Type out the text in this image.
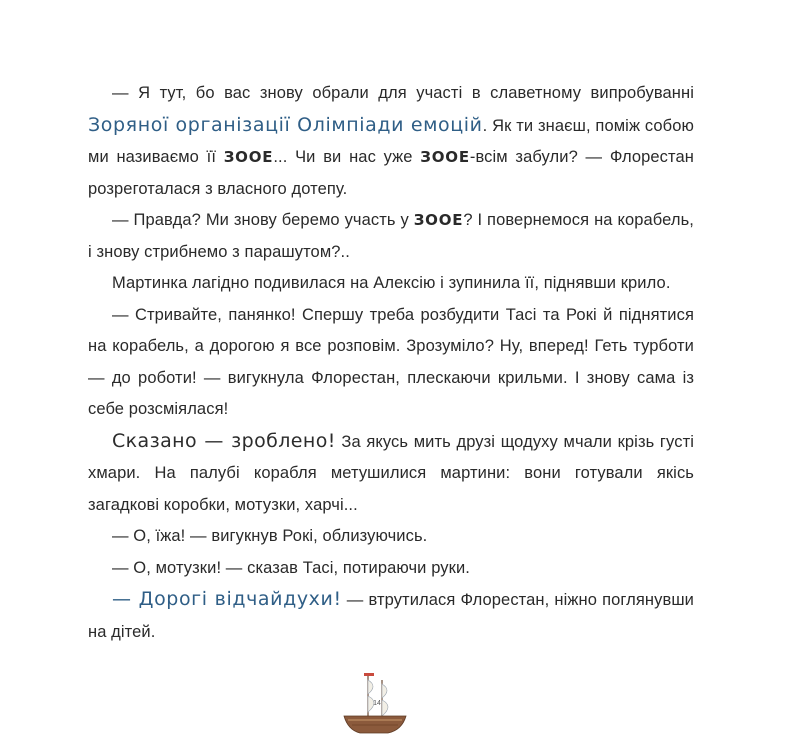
— Я тут, бо вас знову обрали для участі в славетному випробуванні Зоряної організації Олімпіади емоцій. Як ти знаєш, поміж собою ми називаємо її ЗООЕ... Чи ви нас уже ЗООЕ-всім забули? — Флорестан розреготалася з власного дотепу.

— Правда? Ми знову беремо участь у ЗООЕ? І повернемося на корабель, і знову стрибнемо з парашутом?..

Мартинка лагідно подивилася на Алексію і зупинила її, піднявши крило.

— Стривайте, панянко! Спершу треба розбудити Тасі та Рокі й піднятися на корабель, а дорогою я все розповім. Зрозуміло? Ну, вперед! Геть турботи — до роботи! — вигукнула Флорестан, плескаючи крильми. І знову сама із себе розсміялася!

Сказано — зроблено! За якусь мить друзі щодуху мчали крізь густі хмари. На палубі корабля метушилися мартини: вони готували якісь загадкові коробки, мотузки, харчі...

— О, їжа! — вигукнув Рокі, облизуючись.

— О, мотузки! — сказав Тасі, потираючи руки.

— Дорогі відчайдухи! — втрутилася Флорестан, ніжно поглянувши на дітей.

14
